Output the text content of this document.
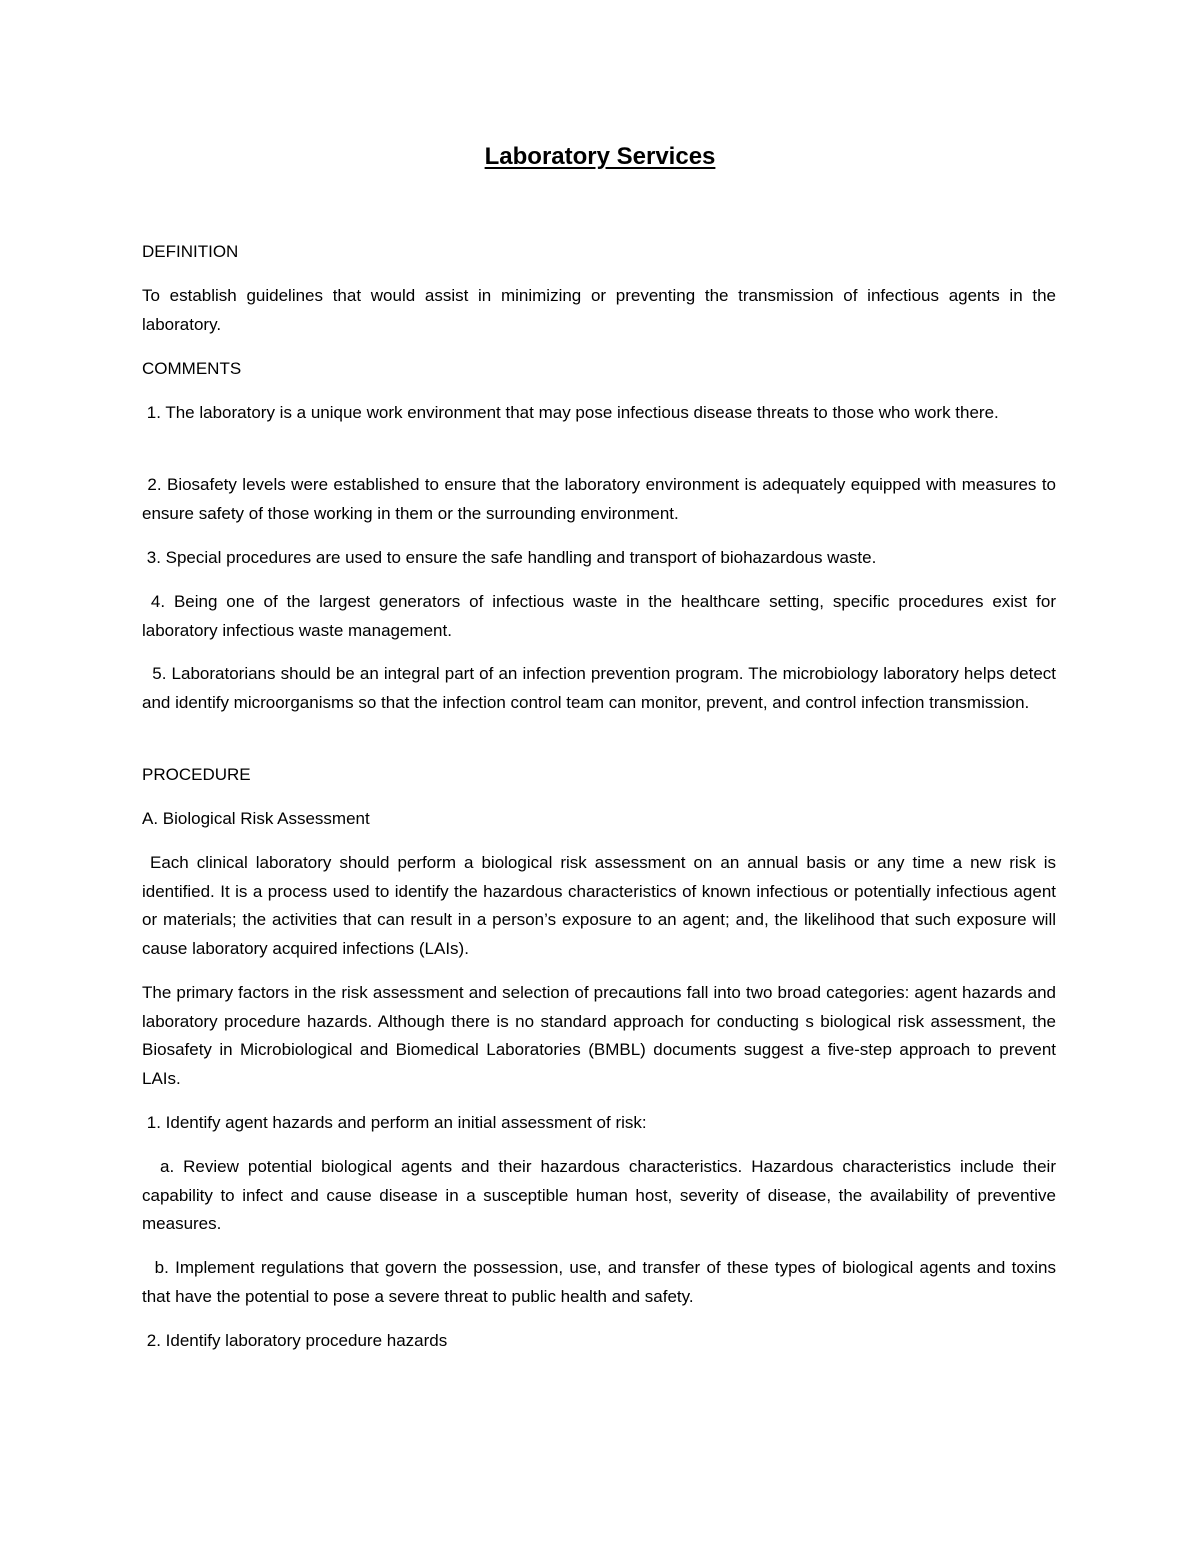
Laboratory Services
DEFINITION
To establish guidelines that would assist in minimizing or preventing the transmission of infectious agents in the laboratory.
COMMENTS
1. The laboratory is a unique work environment that may pose infectious disease threats to those who work there.
2. Biosafety levels were established to ensure that the laboratory environment is adequately equipped with measures to ensure safety of those working in them or the surrounding environment.
3. Special procedures are used to ensure the safe handling and transport of biohazardous waste.
4. Being one of the largest generators of infectious waste in the healthcare setting, specific procedures exist for laboratory infectious waste management.
5. Laboratorians should be an integral part of an infection prevention program. The microbiology laboratory helps detect and identify microorganisms so that the infection control team can monitor, prevent, and control infection transmission.
PROCEDURE
A. Biological Risk Assessment
Each clinical laboratory should perform a biological risk assessment on an annual basis or any time a new risk is identified. It is a process used to identify the hazardous characteristics of known infectious or potentially infectious agent or materials; the activities that can result in a person’s exposure to an agent; and, the likelihood that such exposure will cause laboratory acquired infections (LAIs).
The primary factors in the risk assessment and selection of precautions fall into two broad categories: agent hazards and laboratory procedure hazards. Although there is no standard approach for conducting s biological risk assessment, the Biosafety in Microbiological and Biomedical Laboratories (BMBL) documents suggest a five-step approach to prevent LAIs.
1. Identify agent hazards and perform an initial assessment of risk:
a. Review potential biological agents and their hazardous characteristics. Hazardous characteristics include their capability to infect and cause disease in a susceptible human host, severity of disease, the availability of preventive measures.
b. Implement regulations that govern the possession, use, and transfer of these types of biological agents and toxins that have the potential to pose a severe threat to public health and safety.
2. Identify laboratory procedure hazards
